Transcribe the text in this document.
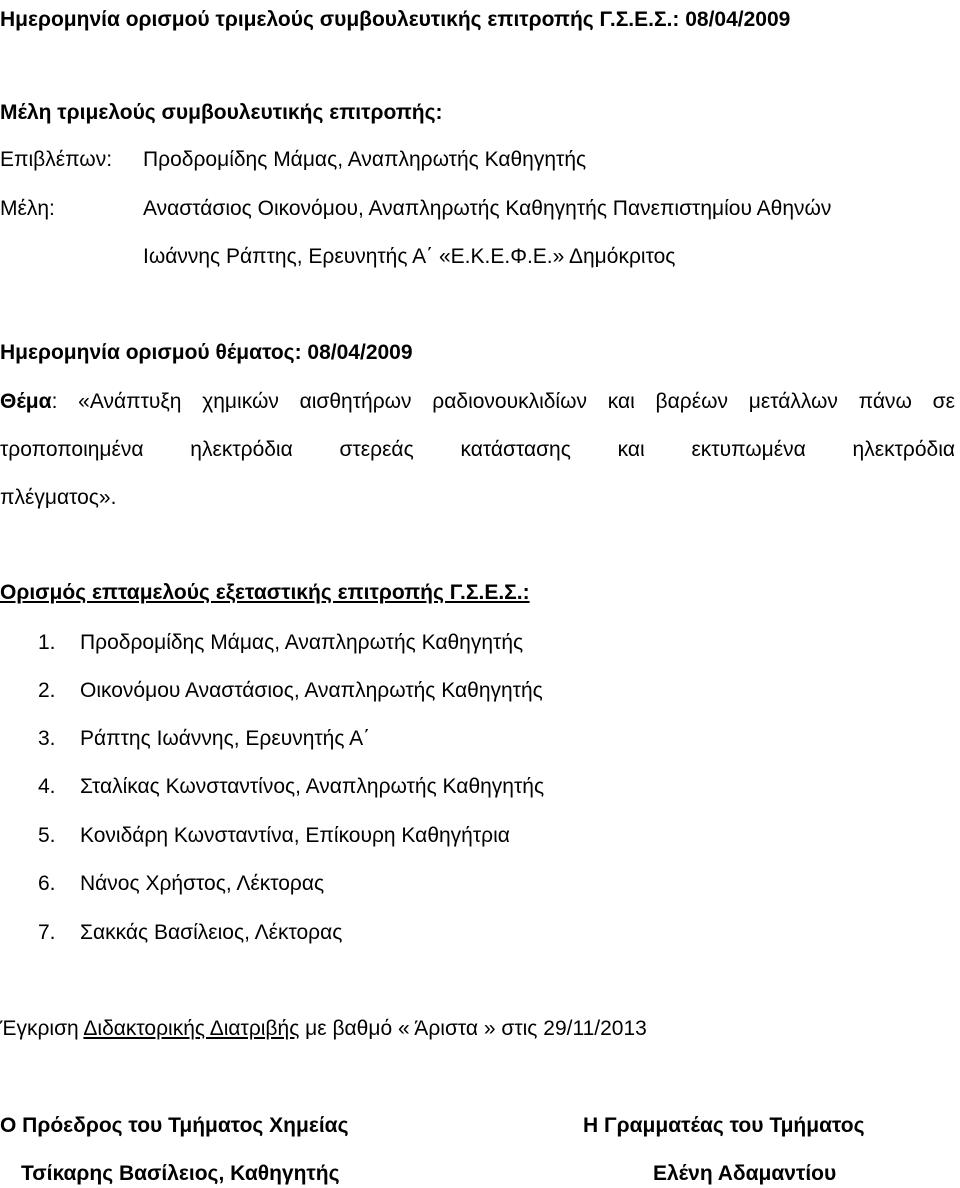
Ημερομηνία ορισμού τριμελούς συμβουλευτικής επιτροπής Γ.Σ.Ε.Σ.: 08/04/2009
Μέλη τριμελούς συμβουλευτικής επιτροπής:
Επιβλέπων: Προδρομίδης Μάμας, Αναπληρωτής Καθηγητής
Μέλη:	Αναστάσιος Οικονόμου, Αναπληρωτής Καθηγητής Πανεπιστημίου Αθηνών
Ιωάννης Ράπτης, Ερευνητής Α΄ «Ε.Κ.Ε.Φ.Ε.» Δημόκριτος
Ημερομηνία ορισμού θέματος: 08/04/2009
Θέμα: «Ανάπτυξη χημικών αισθητήρων ραδιονουκλιδίων και βαρέων μετάλλων πάνω σε
τροποποιημένα ηλεκτρόδια στερεάς κατάστασης και εκτυπωμένα ηλεκτρόδια
πλέγματος».
Ορισμός επταμελούς εξεταστικής επιτροπής Γ.Σ.Ε.Σ.:
1. Προδρομίδης Μάμας, Αναπληρωτής Καθηγητής
2. Οικονόμου Αναστάσιος, Αναπληρωτής Καθηγητής
3. Ράπτης Ιωάννης, Ερευνητής Α΄
4. Σταλίκας Κωνσταντίνος, Αναπληρωτής Καθηγητής
5. Κονιδάρη Κωνσταντίνα, Επίκουρη Καθηγήτρια
6. Νάνος Χρήστος, Λέκτορας
7. Σακκάς Βασίλειος, Λέκτορας
Έγκριση Διδακτορικής Διατριβής με βαθμό « Άριστα » στις 29/11/2013
Ο Πρόεδρος του Τμήματος Χημείας	Η Γραμματέας του Τμήματος
Τσίκαρης Βασίλειος, Καθηγητής	Ελένη Αδαμαντίου
